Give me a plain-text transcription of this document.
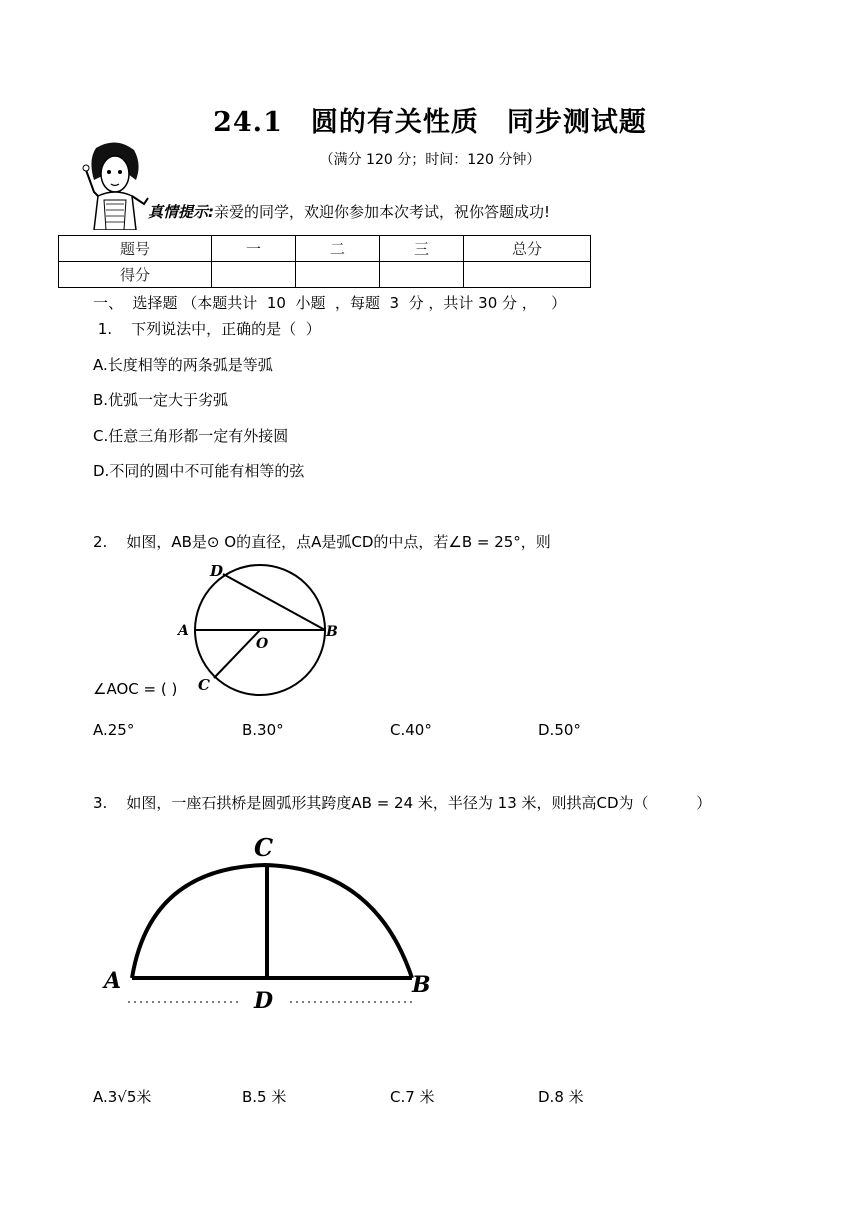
24.1　圆的有关性质　同步测试题
（满分 120 分；时间：120 分钟）
真情提示:亲爱的同学，欢迎你参加本次考试，祝你答题成功!
题号	一	二	三	总分
得分				
一、  选择题 （本题共计  10  小题  ，每题  3  分 ，共计 30 分 ，   ）
1.    下列说法中，正确的是（  ）
A.长度相等的两条弧是等弧
B.优弧一定大于劣弧
C.任意三角形都一定有外接圆
D.不同的圆中不可能有相等的弦
2.    如图，AB是⊙ O的直径，点A是弧CD的中点，若∠B = 25°，则
D
A	B
O
C
∠AOC = ( )
A.25°	B.30°	C.40°	D.50°
3.    如图，一座石拱桥是圆弧形其跨度AB = 24 米，半径为 13 米，则拱高CD为（          ）
C
A	B
D
A.3√5米	B.5 米	C.7 米	D.8 米
